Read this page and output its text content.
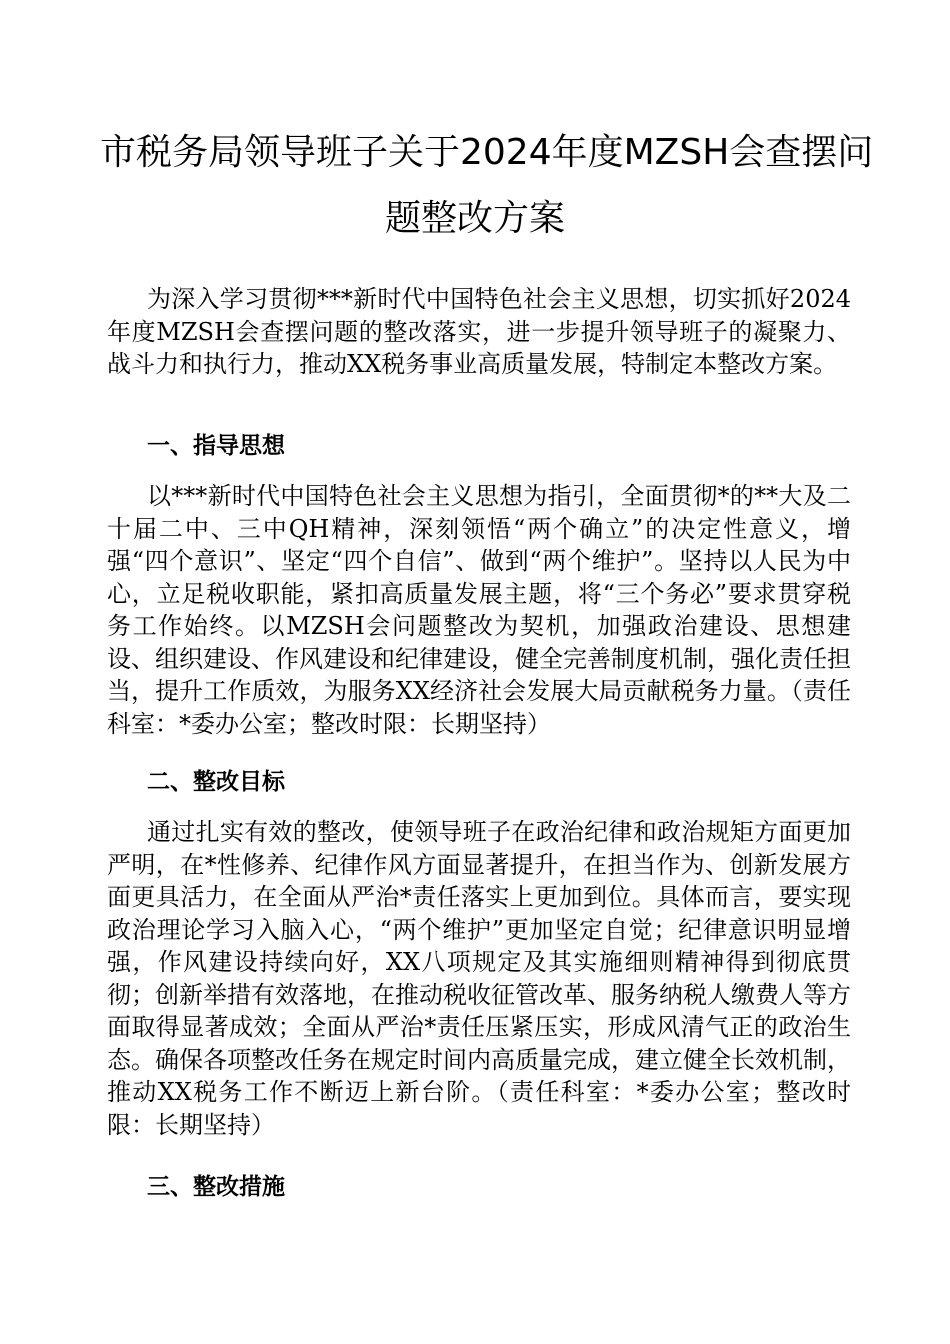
市税务局领导班子关于2024年度MZSH会查摆问
题整改方案

为深入学习贯彻***新时代中国特色社会主义思想，切实抓好2024年度MZSH会查摆问题的整改落实，进一步提升领导班子的凝聚力、战斗力和执行力，推动XX税务事业高质量发展，特制定本整改方案。

一、指导思想

以***新时代中国特色社会主义思想为指引，全面贯彻*的**大及二十届二中、三中QH精神，深刻领悟“两个确立”的决定性意义，增强“四个意识”、坚定“四个自信”、做到“两个维护”。坚持以人民为中心，立足税收职能，紧扣高质量发展主题，将“三个务必”要求贯穿税务工作始终。以MZSH会问题整改为契机，加强政治建设、思想建设、组织建设、作风建设和纪律建设，健全完善制度机制，强化责任担当，提升工作质效，为服务XX经济社会发展大局贡献税务力量。（责任科室：*委办公室；整改时限：长期坚持）

二、整改目标

通过扎实有效的整改，使领导班子在政治纪律和政治规矩方面更加严明，在*性修养、纪律作风方面显著提升，在担当作为、创新发展方面更具活力，在全面从严治*责任落实上更加到位。具体而言，要实现政治理论学习入脑入心，“两个维护”更加坚定自觉；纪律意识明显增强，作风建设持续向好，XX八项规定及其实施细则精神得到彻底贯彻；创新举措有效落地，在推动税收征管改革、服务纳税人缴费人等方面取得显著成效；全面从严治*责任压紧压实，形成风清气正的政治生态。确保各项整改任务在规定时间内高质量完成，建立健全长效机制，推动XX税务工作不断迈上新台阶。（责任科室：*委办公室；整改时限：长期坚持）

三、整改措施
